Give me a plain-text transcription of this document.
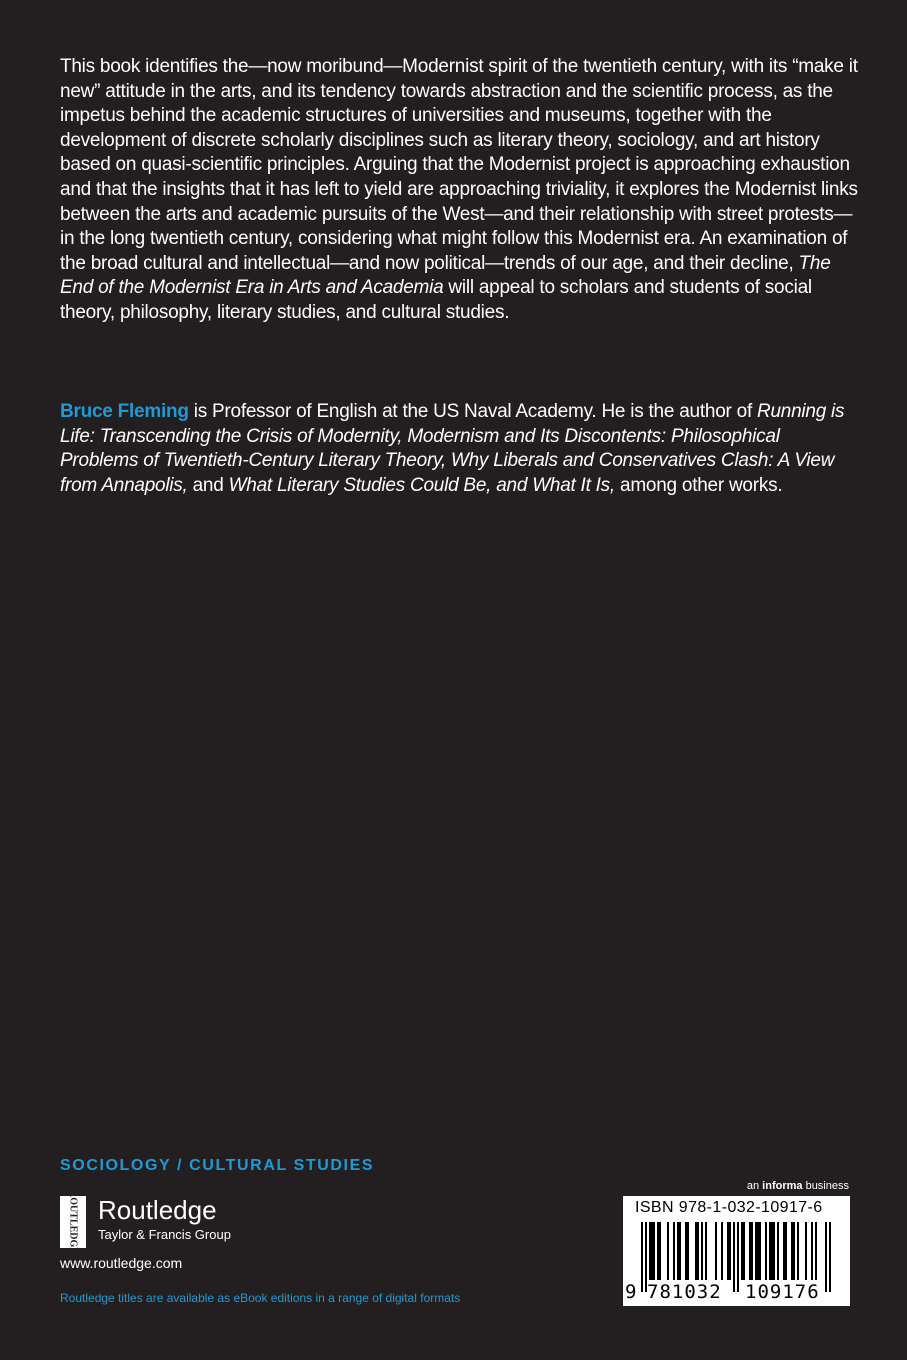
This book identifies the—now moribund—Modernist spirit of the twentieth century, with its “make it new” attitude in the arts, and its tendency towards abstraction and the scientific process, as the impetus behind the academic structures of universities and museums, together with the development of discrete scholarly disciplines such as literary theory, sociology, and art history based on quasi-scientific principles. Arguing that the Modernist project is approaching exhaustion and that the insights that it has left to yield are approaching triviality, it explores the Modernist links between the arts and academic pursuits of the West—and their relationship with street protests—in the long twentieth century, considering what might follow this Modernist era. An examination of the broad cultural and intellectual—and now political—trends of our age, and their decline, The End of the Modernist Era in Arts and Academia will appeal to scholars and students of social theory, philosophy, literary studies, and cultural studies.

Bruce Fleming is Professor of English at the US Naval Academy. He is the author of Running is Life: Transcending the Crisis of Modernity, Modernism and Its Discontents: Philosophical Problems of Twentieth-Century Literary Theory, Why Liberals and Conservatives Clash: A View from Annapolis, and What Literary Studies Could Be, and What It Is, among other works.

SOCIOLOGY / CULTURAL STUDIES
ROUTLEDGE Routledge
Taylor & Francis Group
www.routledge.com
Routledge titles are available as eBook editions in a range of digital formats
an informa business
ISBN 978-1-032-10917-6
9 781032 109176
